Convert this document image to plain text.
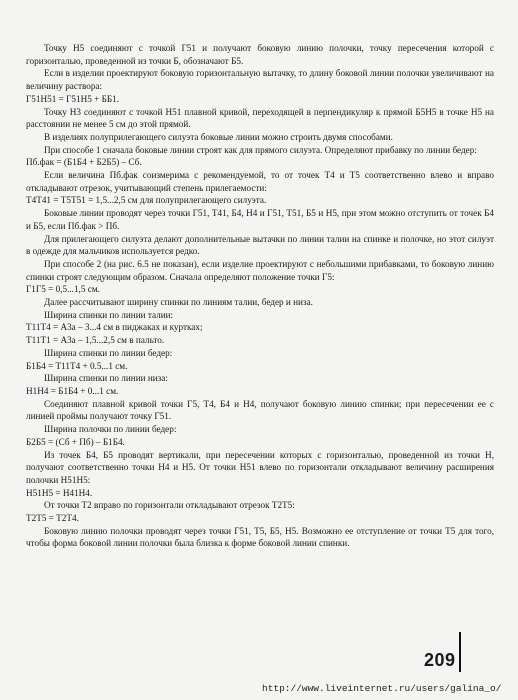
Точку H5 соединяют с точкой Г51 и получают боковую линию полочки, точку пересечения которой с горизонталью, проведенной из точки Б, обозначают Б5.

Если в изделии проектируют боковую горизонтальную вытачку, то длину боковой линии полочки увеличивают на величину раствора:

Г51H51 = Г51H5 + ББ1.

Точку H3 соединяют с точкой H51 плавной кривой, переходящей в перпендикуляр к прямой Б5H5 в точке H5 на расстоянии не менее 5 см до этой прямой.

В изделиях полуприлегающего силуэта боковые линии можно строить двумя способами.

При способе 1 сначала боковые линии строят как для прямого силуэта. Определяют прибавку по линии бедер:

Пб.фак = (Б1Б4 + Б2Б5) – Сб.

Если величина Пб.фак соизмерима с рекомендуемой, то от точек Т4 и Т5 соответственно влево и вправо откладывают отрезок, учитывающий степень прилегаемости:

Т4Т41 = Т5Т51 = 1,5...2,5 см для полуприлегающего силуэта.

Боковые линии проводят через точки Г51, Т41, Б4, H4 и Г51, Т51, Б5 и H5, при этом можно отступить от точек Б4 и Б5, если Пб.фак > Пб.

Для прилегающего силуэта делают дополнительные вытачки по линии талии на спинке и полочке, но этот силуэт в одежде для мальчиков используется редко.

При способе 2 (на рис. 6.5 не показан), если изделие проектируют с небольшими прибавками, то боковую линию спинки строят следующим образом. Сначала определяют положение точки Г5:

Г1Г5 = 0,5...1,5 см.

Далее рассчитывают ширину спинки по линиям талии, бедер и низа.

Ширина спинки по линии талии:

Т11Т4 = А3а – 3...4 см в пиджаках и куртках;

Т11Т1 = А3а – 1,5...2,5 см в пальто.

Ширина спинки по линии бедер:

Б1Б4 = Т11Т4 + 0.5...1 см.

Ширина спинки по линии низа:

H1H4 = Б1Б4 + 0...1 см.

Соединяют плавной кривой точки Г5, Т4, Б4 и H4, получают боковую линию спинки; при пересечении ее с линией проймы получают точку Г51.

Ширина полочки по линии бедер:

Б2Б5 = (Сб + Пб) – Б1Б4.

Из точек Б4, Б5 проводят вертикали, при пересечении которых с горизонталью, проведенной из точки H, получают соответственно точки H4 и H5. От точки H51 влево по горизонтали откладывают величину расширения полочки H51H5:

H51H5 = H41H4.

От точки Т2 вправо по горизонтали откладывают отрезок Т2Т5:

Т2Т5 = Т2Т4.

Боковую линию полочки проводят через точки Г51, Т5, Б5, H5. Возможно ее отступление от точки Т5 для того, чтобы форма боковой линии полочки была близка к форме боковой линии спинки.

209
http://www.liveinternet.ru/users/galina_o/
